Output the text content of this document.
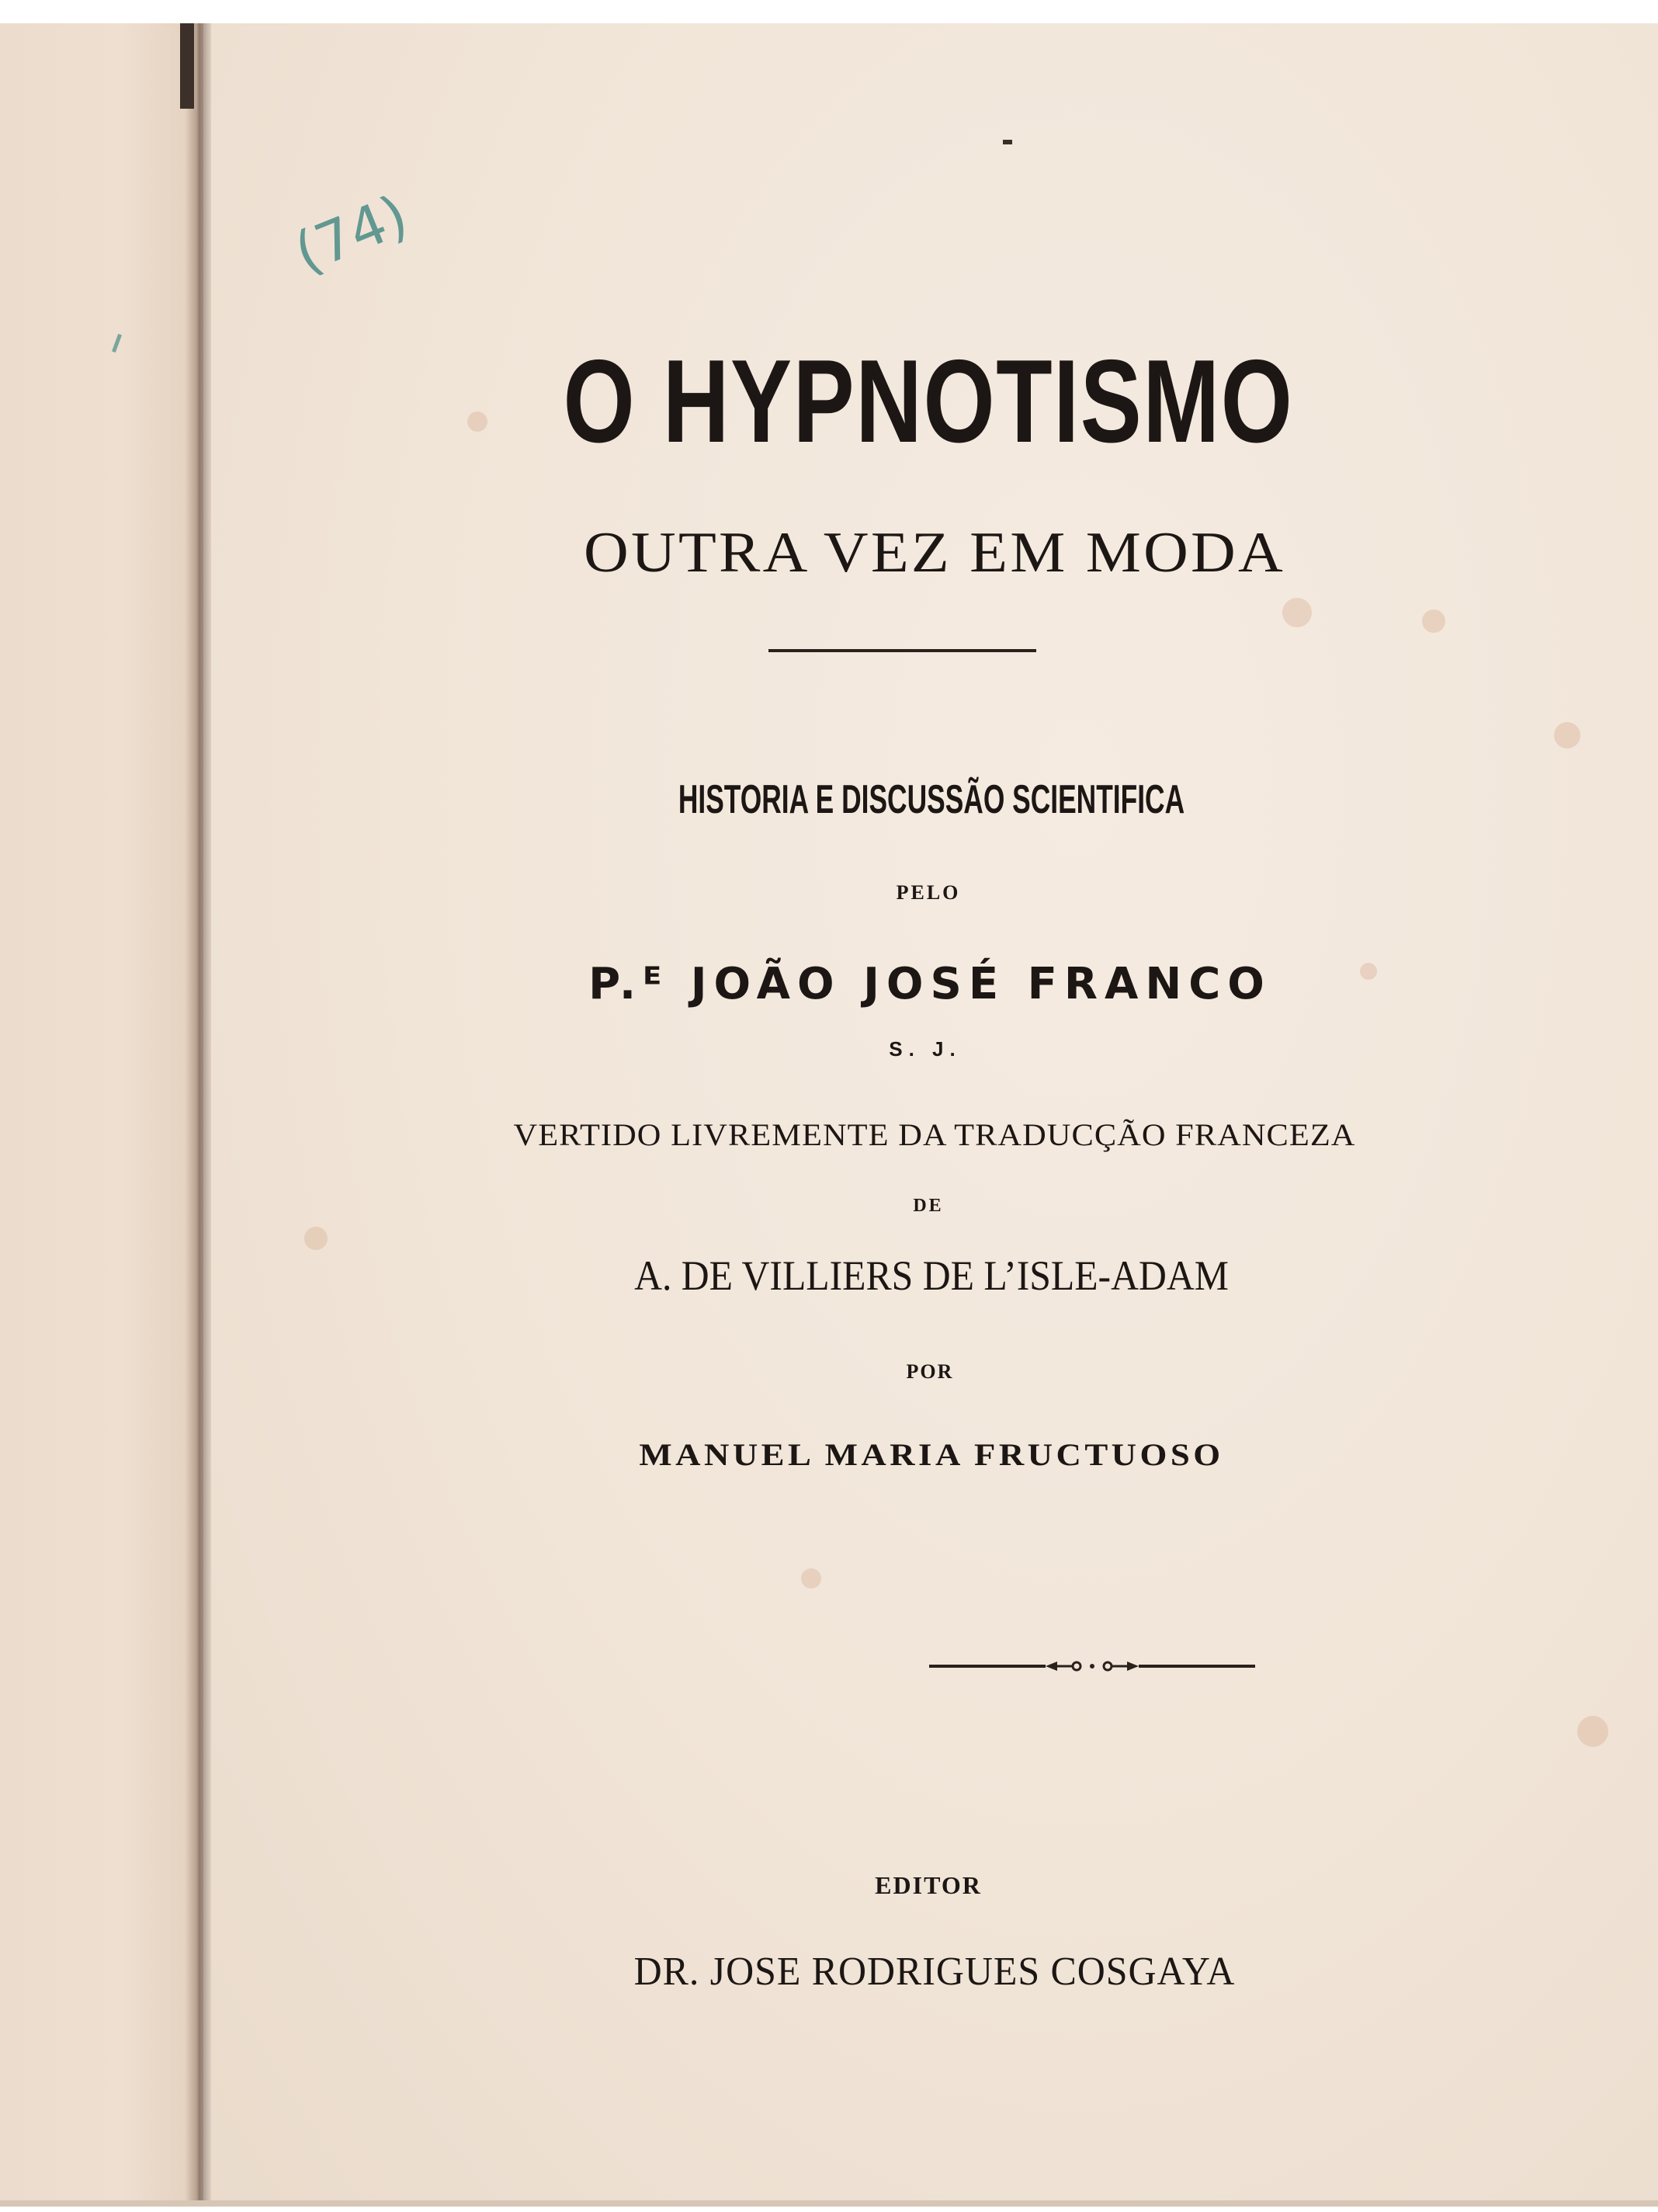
O HYPNOTISMO

OUTRA VEZ EM MODA

HISTORIA E DISCUSSÃO SCIENTIFICA

PELO

P.ᴱ JOÃO JOSÉ FRANCO

S. J.

VERTIDO LIVREMENTE DA TRADUCÇÃO FRANCEZA

DE

A. DE VILLIERS DE L’ISLE-ADAM

POR

MANUEL MARIA FRUCTUOSO

EDITOR

DR. JOSE RODRIGUES COSGAYA

(74)
